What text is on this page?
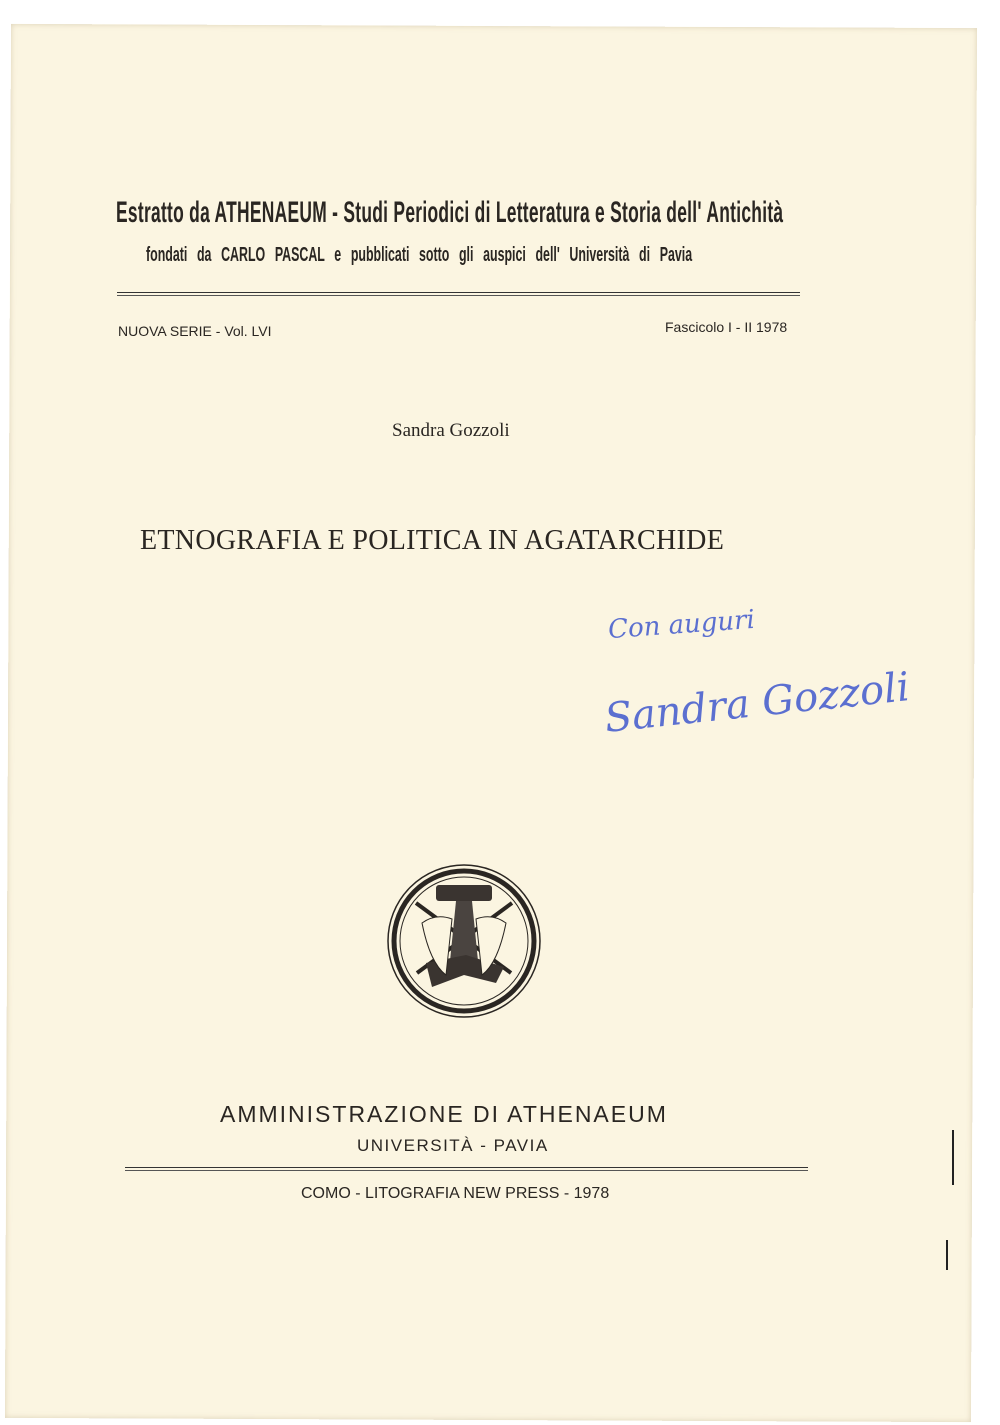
Estratto da ATHENAEUM - Studi Periodici di Letteratura e Storia dell' Antichità
fondati da CARLO PASCAL e pubblicati sotto gli auspici dell' Università di Pavia
NUOVA SERIE - Vol. LVI	Fascicolo I - II 1978
Sandra Gozzoli
ETNOGRAFIA E POLITICA IN AGATARCHIDE
Con auguri
Sandra Gozzoli
AMMINISTRAZIONE DI ATHENAEUM
UNIVERSITÀ - PAVIA
COMO - LITOGRAFIA NEW PRESS - 1978
